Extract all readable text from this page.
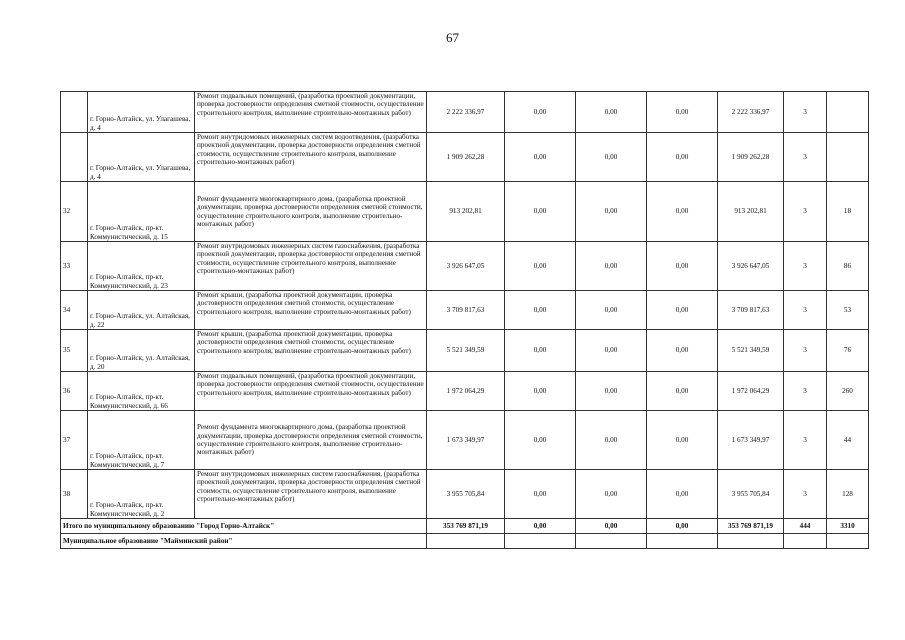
67
	г. Горно-Алтайск, ул. Улагашева, д. 4	Ремонт подвальных помещений, (разработка проектной документации, проверка достоверности определения сметной стоимости, осуществление строительного контроля, выполнение строительно-монтажных работ)	2 222 336,97	0,00	0,00	0,00	2 222 336,97	3	
	г. Горно-Алтайск, ул. Улагашева, д. 4	Ремонт внутридомовых инженерных систем водоотведения, (разработка проектной документации, проверка достоверности определения сметной стоимости, осуществление строительного контроля, выполнение строительно-монтажных работ)	1 909 262,28	0,00	0,00	0,00	1 909 262,28	3	
32	г. Горно-Алтайск, пр-кт. Коммунистический, д. 15	Ремонт фундамента многоквартирного дома, (разработка проектной документации, проверка достоверности определения сметной стоимости, осуществление строительного контроля, выполнение строительно-монтажных работ)	913 202,81	0,00	0,00	0,00	913 202,81	3	18
33	г. Горно-Алтайск, пр-кт. Коммунистический, д. 23	Ремонт внутридомовых инженерных систем газоснабжения, (разработка проектной документации, проверка достоверности определения сметной стоимости, осуществление строительного контроля, выполнение строительно-монтажных работ)	3 926 647,05	0,00	0,00	0,00	3 926 647,05	3	86
34	г. Горно-Алтайск, ул. Алтайская, д. 22	Ремонт крыши, (разработка проектной документации, проверка достоверности определения сметной стоимости, осуществление строительного контроля, выполнение строительно-монтажных работ)	3 709 817,63	0,00	0,00	0,00	3 709 817,63	3	53
35	г. Горно-Алтайск, ул. Алтайская, д. 20	Ремонт крыши, (разработка проектной документации, проверка достоверности определения сметной стоимости, осуществление строительного контроля, выполнение строительно-монтажных работ)	5 521 349,59	0,00	0,00	0,00	5 521 349,59	3	76
36	г. Горно-Алтайск, пр-кт. Коммунистический, д. 66	Ремонт подвальных помещений, (разработка проектной документации, проверка достоверности определения сметной стоимости, осуществление строительного контроля, выполнение строительно-монтажных работ)	1 972 064,29	0,00	0,00	0,00	1 972 064,29	3	260
37	г. Горно-Алтайск, пр-кт. Коммунистический, д. 7	Ремонт фундамента многоквартирного дома, (разработка проектной документации, проверка достоверности определения сметной стоимости, осуществление строительного контроля, выполнение строительно-монтажных работ)	1 673 349,97	0,00	0,00	0,00	1 673 349,97	3	44
38	г. Горно-Алтайск, пр-кт. Коммунистический, д. 2	Ремонт внутридомовых инженерных систем газоснабжения, (разработка проектной документации, проверка достоверности определения сметной стоимости, осуществление строительного контроля, выполнение строительно-монтажных работ)	3 955 705,84	0,00	0,00	0,00	3 955 705,84	3	128
Итого по муниципальному образованию "Город Горно-Алтайск"			353 769 871,19	0,00	0,00	0,00	353 769 871,19	444	3310
Муниципальное образование "Майминский район"									
